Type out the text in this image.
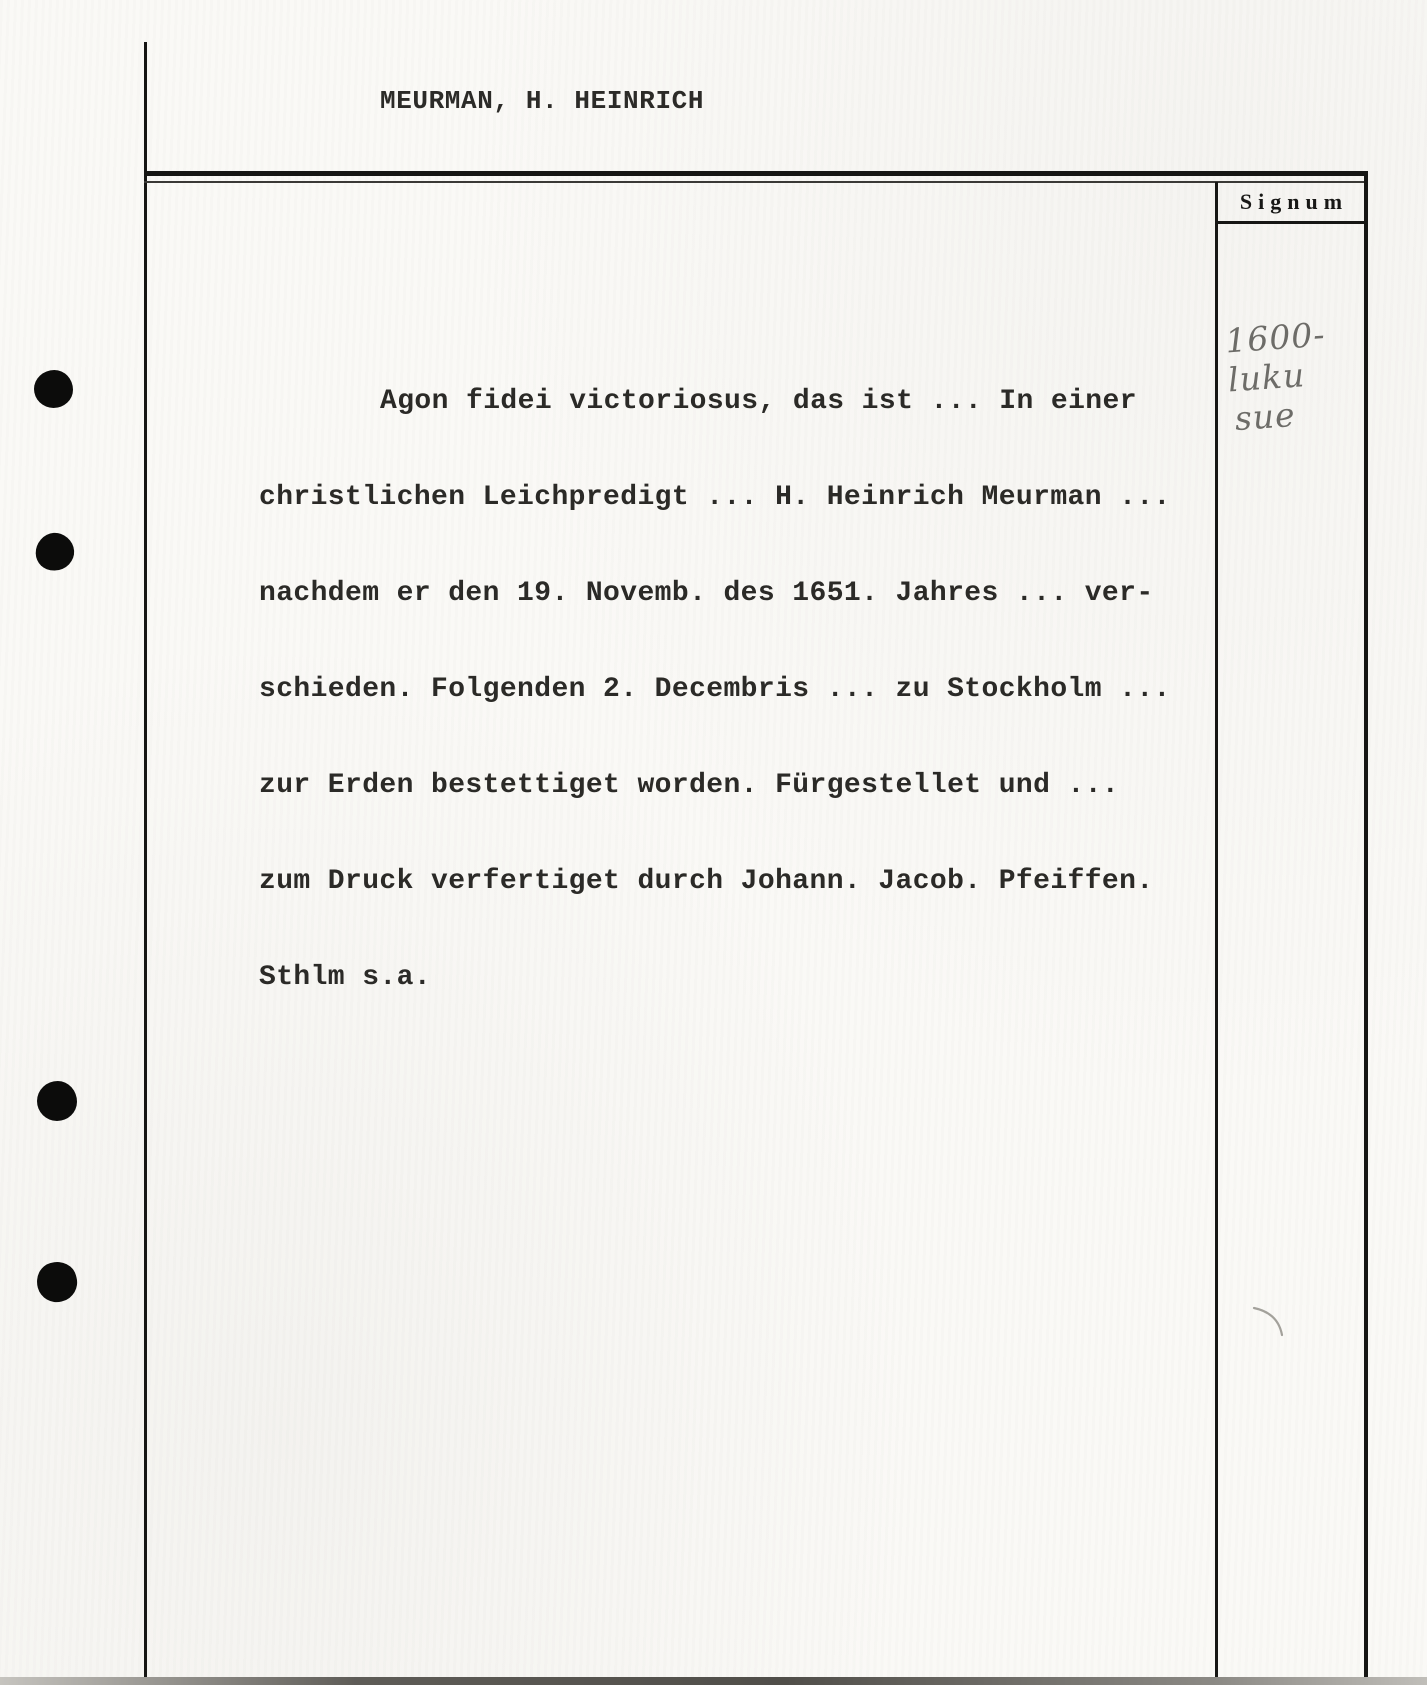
MEURMAN, H. HEINRICH

Agon fidei victoriosus, das ist ... In einer

christlichen Leichpredigt ... H. Heinrich Meurman ...

nachdem er den 19. Novemb. des 1651. Jahres ... ver-

schieden. Folgenden 2. Decembris ... zu Stockholm ...

zur Erden bestettiget worden. Fürgestellet und ...

zum Druck verfertiget durch Johann. Jacob. Pfeiffen.

Sthlm s.a.

Signum
1600-
luku
sue
